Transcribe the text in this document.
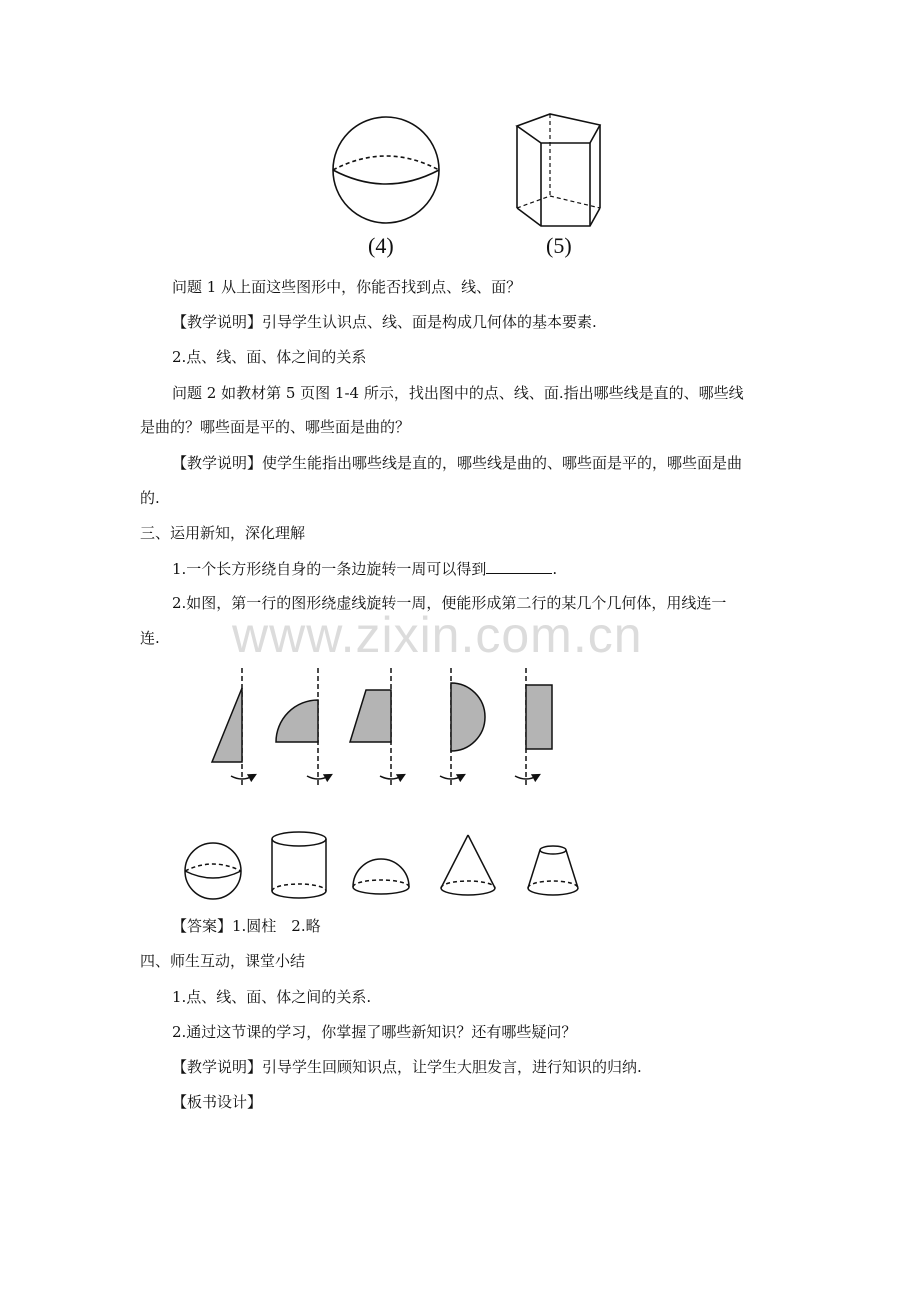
(4)	(5)
问题 1 从上面这些图形中，你能否找到点、线、面？
【教学说明】引导学生认识点、线、面是构成几何体的基本要素.
2.点、线、面、体之间的关系
问题 2 如教材第 5 页图 1-4 所示，找出图中的点、线、面.指出哪些线是直的、哪些线
是曲的？哪些面是平的、哪些面是曲的？
【教学说明】使学生能指出哪些线是直的，哪些线是曲的、哪些面是平的，哪些面是曲
的.
三、运用新知，深化理解
1.一个长方形绕自身的一条边旋转一周可以得到	.
2.如图，第一行的图形绕虚线旋转一周，便能形成第二行的某几个几何体，用线连一
连. www.zixin.com.cn
【答案】1.圆柱　2.略
四、师生互动，课堂小结
1.点、线、面、体之间的关系.
2.通过这节课的学习，你掌握了哪些新知识？还有哪些疑问？
【教学说明】引导学生回顾知识点，让学生大胆发言，进行知识的归纳.
【板书设计】
